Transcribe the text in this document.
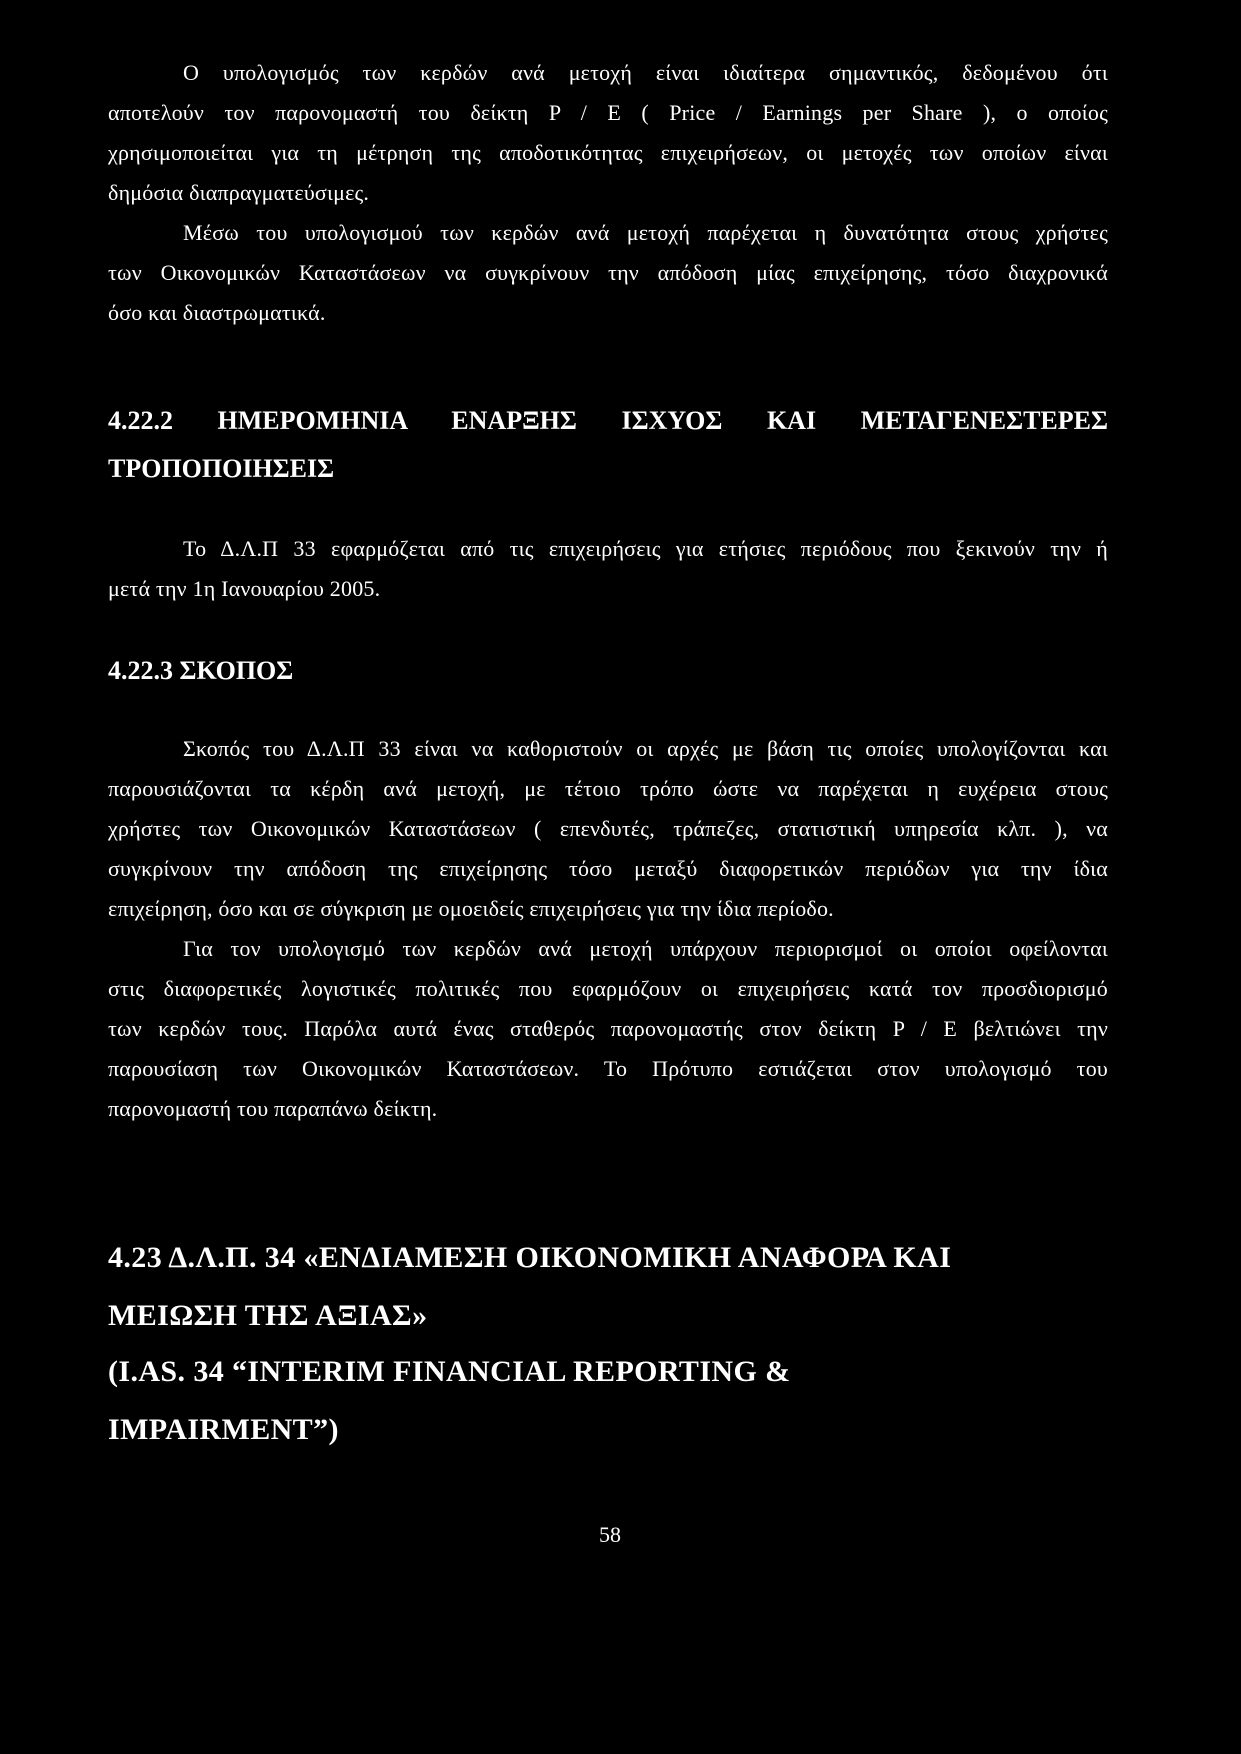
Ο υπολογισμός των κερδών ανά μετοχή είναι ιδιαίτερα σημαντικός, δεδομένου ότι
αποτελούν τον παρονομαστή του δείκτη P / E ( Price / Earnings per Share ), ο οποίος
χρησιμοποιείται για τη μέτρηση της αποδοτικότητας επιχειρήσεων, οι μετοχές των οποίων είναι
δημόσια διαπραγματεύσιμες.
Μέσω του υπολογισμού των κερδών ανά μετοχή παρέχεται η δυνατότητα στους χρήστες
των Οικονομικών Καταστάσεων να συγκρίνουν την απόδοση μίας επιχείρησης, τόσο διαχρονικά
όσο και διαστρωματικά.
4.22.2 ΗΜΕΡΟΜΗΝΙΑ ΕΝΑΡΞΗΣ ΙΣΧΥΟΣ ΚΑΙ ΜΕΤΑΓΕΝΕΣΤΕΡΕΣ
ΤΡΟΠΟΠΟΙΗΣΕΙΣ
Το Δ.Λ.Π 33 εφαρμόζεται από τις επιχειρήσεις για ετήσιες περιόδους που ξεκινούν την ή
μετά την 1η Ιανουαρίου 2005.
4.22.3 ΣΚΟΠΟΣ
Σκοπός του Δ.Λ.Π 33 είναι να καθοριστούν οι αρχές με βάση τις οποίες υπολογίζονται και
παρουσιάζονται τα κέρδη ανά μετοχή, με τέτοιο τρόπο ώστε να παρέχεται η ευχέρεια στους
χρήστες των Οικονομικών Καταστάσεων ( επενδυτές, τράπεζες, στατιστική υπηρεσία κλπ. ), να
συγκρίνουν την απόδοση της επιχείρησης τόσο μεταξύ διαφορετικών περιόδων για την ίδια
επιχείρηση, όσο και σε σύγκριση με ομοειδείς επιχειρήσεις για την ίδια περίοδο.
Για τον υπολογισμό των κερδών ανά μετοχή υπάρχουν περιορισμοί οι οποίοι οφείλονται
στις διαφορετικές λογιστικές πολιτικές που εφαρμόζουν οι επιχειρήσεις κατά τον προσδιορισμό
των κερδών τους. Παρόλα αυτά ένας σταθερός παρονομαστής στον δείκτη P / E βελτιώνει την
παρουσίαση των Οικονομικών Καταστάσεων. Το Πρότυπο εστιάζεται στον υπολογισμό του
παρονομαστή του παραπάνω δείκτη.
4.23 Δ.Λ.Π. 34 «ΕΝΔΙΑΜΕΣΗ ΟΙΚΟΝΟΜΙΚΗ ΑΝΑΦΟΡΑ ΚΑΙ
ΜΕΙΩΣΗ ΤΗΣ ΑΞΙΑΣ»
(I.AS. 34 “INTERIM FINANCIAL REPORTING &
IMPAIRMENT”)
58
